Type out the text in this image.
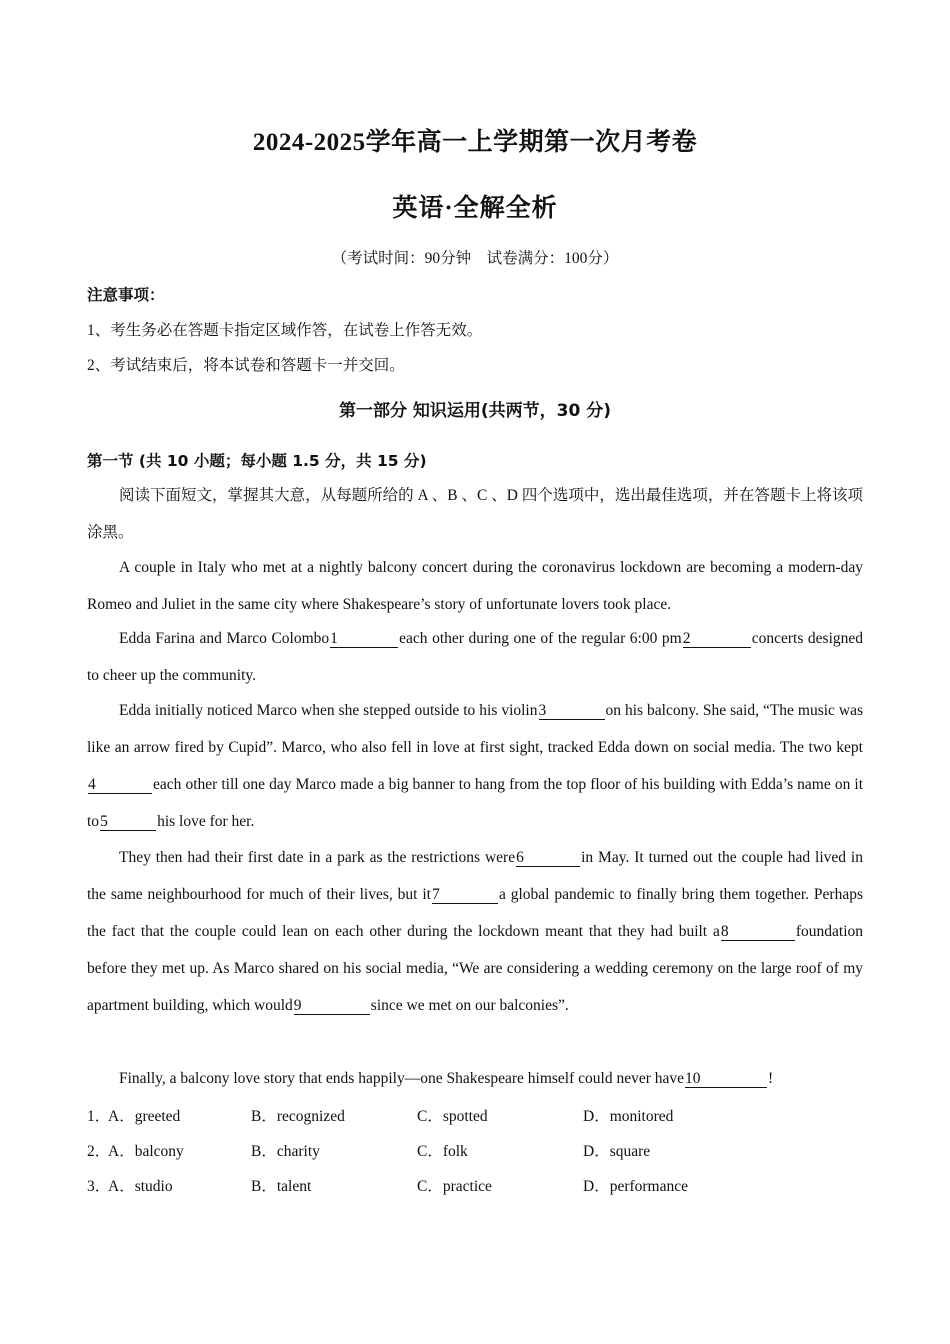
2024-2025学年高一上学期第一次月考卷
英语·全解全析
（考试时间：90分钟　试卷满分：100分）
注意事项：
1、考生务必在答题卡指定区域作答，在试卷上作答无效。
2、考试结束后，将本试卷和答题卡一并交回。
第一部分 知识运用(共两节，30 分)
第一节 (共 10 小题；每小题 1.5 分，共 15 分)

阅读下面短文，掌握其大意，从每题所给的 A 、B 、C 、D 四个选项中，选出最佳选项，并在答题卡上将该项涂黑。

A couple in Italy who met at a nightly balcony concert during the coronavirus lockdown are becoming a modern-day Romeo and Juliet in the same city where Shakespeare’s story of unfortunate lovers took place.

Edda Farina and Marco Colombo1	each other during one of the regular 6:00 pm2	concerts designed to cheer up the community.

Edda initially noticed Marco when she stepped outside to his violin3	on his balcony. She said, “The music was like an arrow fired by Cupid”. Marco, who also fell in love at first sight, tracked Edda down on social media. The two kept4	each other till one day Marco made a big banner to hang from the top floor of his building with Edda’s name on it to5	his love for her.

They then had their first date in a park as the restrictions were6	in May. It turned out the couple had lived in the same neighbourhood for much of their lives, but it7	a global pandemic to finally bring them together. Perhaps the fact that the couple could lean on each other during the lockdown meant that they had built a8	foundation before they met up. As Marco shared on his social media, “We are considering a wedding ceremony on the large roof of my apartment building, which would9	since we met on our balconies”.

Finally, a balcony love story that ends happily—one Shakespeare himself could never have10	!

1．
A．greeted	B．recognized	C．spotted	D．monitored
2．
A．balcony	B．charity	C．folk	D．square
3．
A．studio	B．talent	C．practice	D．performance
